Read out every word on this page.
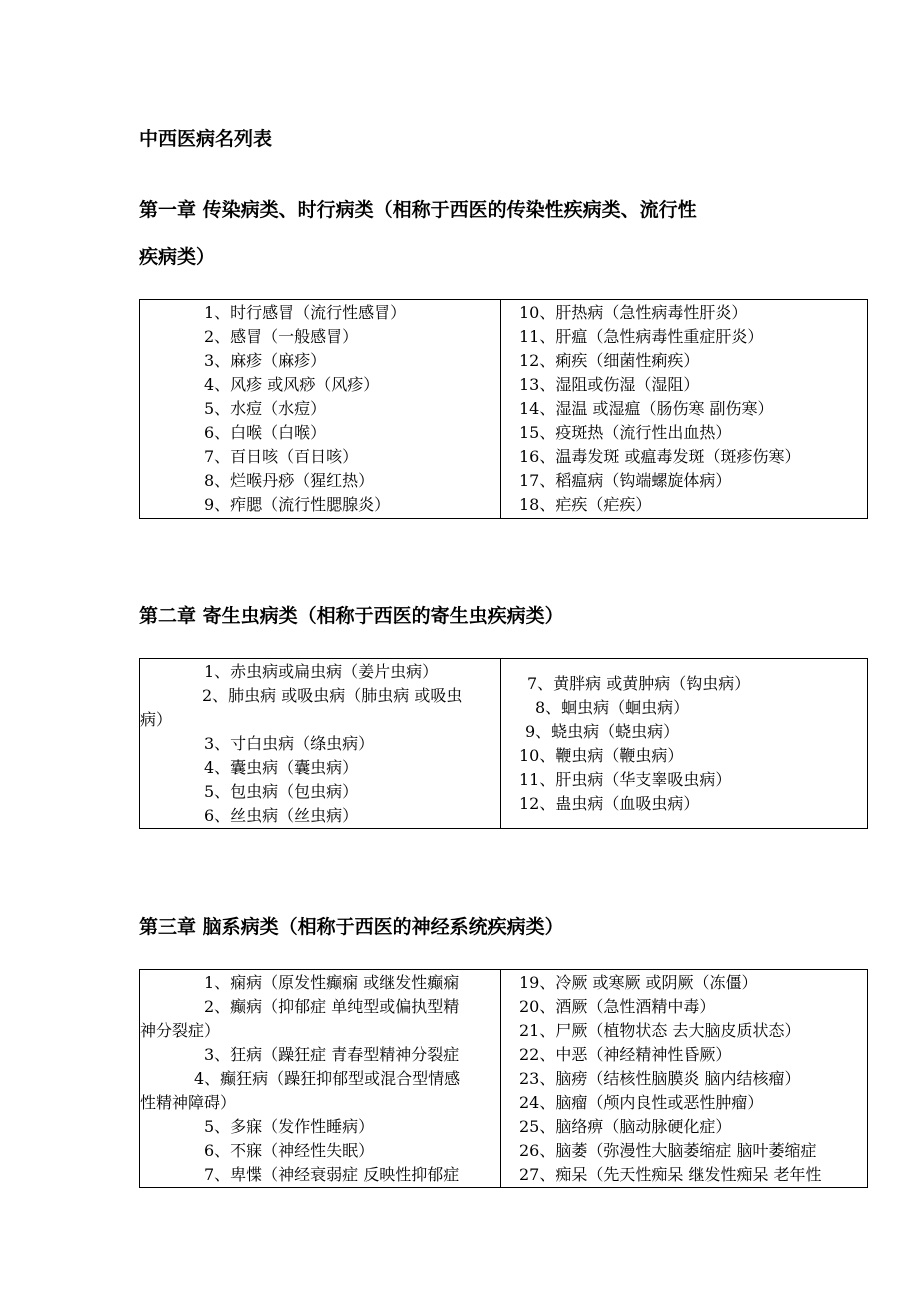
中西医病名列表
第一章 传染病类、时行病类（相称于西医的传染性疾病类、流行性
疾病类）
1、时行感冒（流行性感冒）
2、感冒（一般感冒）
3、麻疹（麻疹）
4、风疹 或风痧（风疹）
5、水痘（水痘）
6、白喉（白喉）
7、百日咳（百日咳）
8、烂喉丹痧（猩红热）
9、痄腮（流行性腮腺炎）
10、肝热病（急性病毒性肝炎）
11、肝瘟（急性病毒性重症肝炎）
12、痢疾（细菌性痢疾）
13、湿阻或伤湿（湿阻）
14、湿温 或湿瘟（肠伤寒 副伤寒）
15、疫斑热（流行性出血热）
16、温毒发斑 或瘟毒发斑（斑疹伤寒）
17、稻瘟病（钩端螺旋体病）
18、疟疾（疟疾）
第二章 寄生虫病类（相称于西医的寄生虫疾病类）
1、赤虫病或扁虫病（姜片虫病）
2、肺虫病 或吸虫病（肺虫病 或吸虫
病）
3、寸白虫病（绦虫病）
4、囊虫病（囊虫病）
5、包虫病（包虫病）
6、丝虫病（丝虫病）
7、黄胖病 或黄肿病（钩虫病）
8、蛔虫病（蛔虫病）
9、蛲虫病（蛲虫病）
10、鞭虫病（鞭虫病）
11、肝虫病（华支睾吸虫病）
12、蛊虫病（血吸虫病）
第三章 脑系病类（相称于西医的神经系统疾病类）
1、痫病（原发性癫痫 或继发性癫痫
2、癫病（抑郁症 单纯型或偏执型精
神分裂症）
3、狂病（躁狂症 青春型精神分裂症
4、癫狂病（躁狂抑郁型或混合型情感
性精神障碍）
5、多寐（发作性睡病）
6、不寐（神经性失眠）
7、卑惵（神经衰弱症 反映性抑郁症
19、冷厥 或寒厥 或阴厥（冻僵）
20、酒厥（急性酒精中毒）
21、尸厥（植物状态 去大脑皮质状态）
22、中恶（神经精神性昏厥）
23、脑痨（结核性脑膜炎 脑内结核瘤）
24、脑瘤（颅内良性或恶性肿瘤）
25、脑络痹（脑动脉硬化症）
26、脑萎（弥漫性大脑萎缩症 脑叶萎缩症
27、痴呆（先天性痴呆 继发性痴呆 老年性
